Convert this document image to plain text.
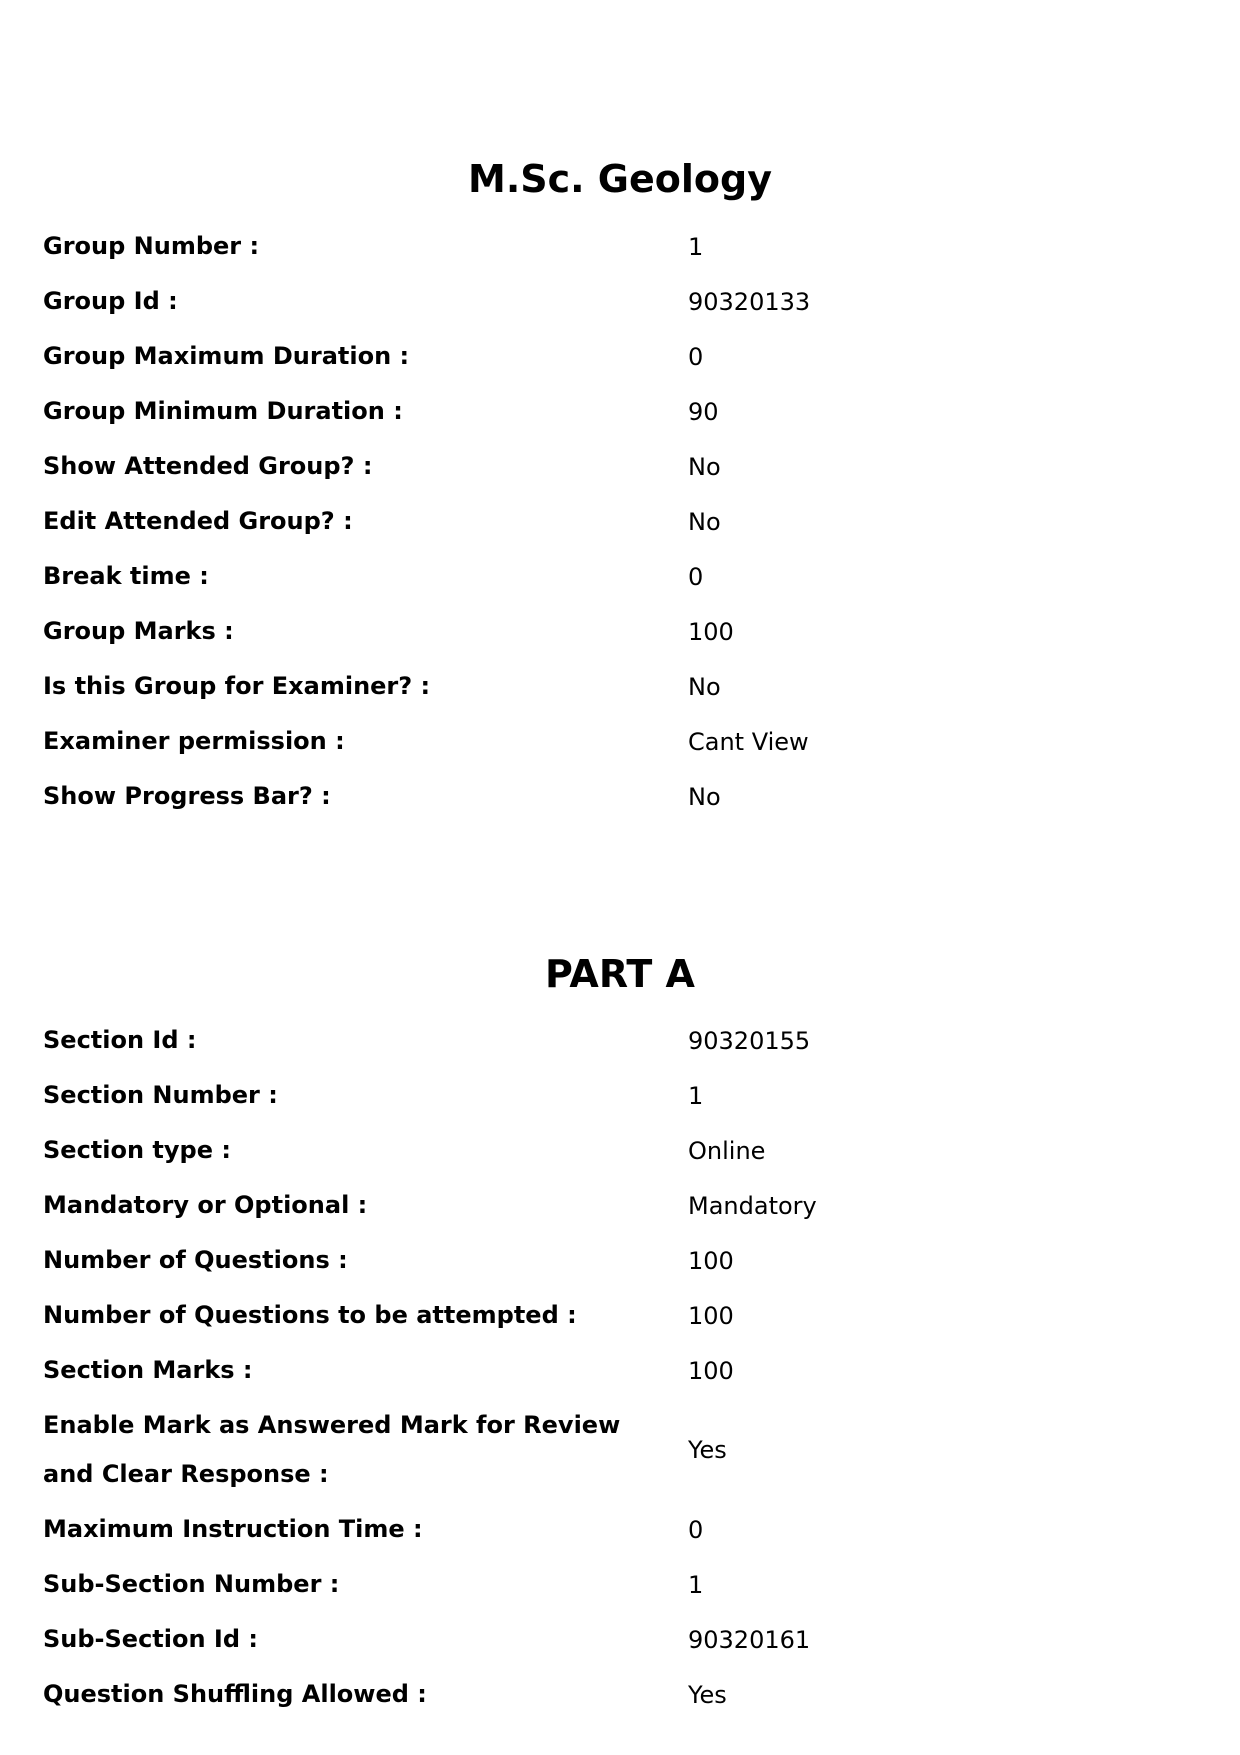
M.Sc. Geology
Group Number :	1
Group Id :	90320133
Group Maximum Duration :	0
Group Minimum Duration :	90
Show Attended Group? :	No
Edit Attended Group? :	No
Break time :	0
Group Marks :	100
Is this Group for Examiner? :	No
Examiner permission :	Cant View
Show Progress Bar? :	No
PART A
Section Id :	90320155
Section Number :	1
Section type :	Online
Mandatory or Optional :	Mandatory
Number of Questions :	100
Number of Questions to be attempted :	100
Section Marks :	100
Enable Mark as Answered Mark for Review and Clear Response :
Yes
Maximum Instruction Time :	0
Sub-Section Number :	1
Sub-Section Id :	90320161
Question Shuffling Allowed :	Yes
